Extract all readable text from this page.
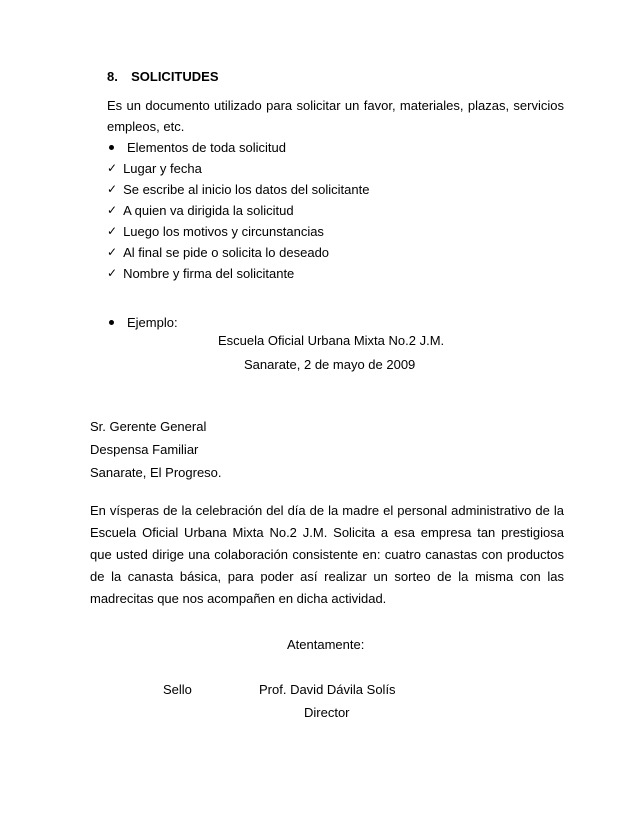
8. SOLICITUDES
Es un documento utilizado para solicitar un favor, materiales, plazas, servicios empleos, etc.
Elementos de toda solicitud
✓ Lugar y fecha
✓ Se escribe al inicio los datos del solicitante
✓ A quien va dirigida la solicitud
✓ Luego los motivos y circunstancias
✓ Al final se pide o solicita lo deseado
✓ Nombre y firma del solicitante
Ejemplo:
Escuela Oficial Urbana Mixta No.2 J.M.
Sanarate, 2 de mayo de 2009
Sr. Gerente General
Despensa Familiar
Sanarate, El Progreso.
En vísperas de la celebración del día de la madre el personal administrativo de la Escuela Oficial Urbana Mixta No.2 J.M. Solicita a esa empresa tan prestigiosa que usted dirige una colaboración consistente en: cuatro canastas con productos de la canasta básica, para poder así realizar un sorteo de la misma con las madrecitas que nos acompañen en dicha actividad.
Atentamente:
Sello	Prof. David Dávila Solís
Director
